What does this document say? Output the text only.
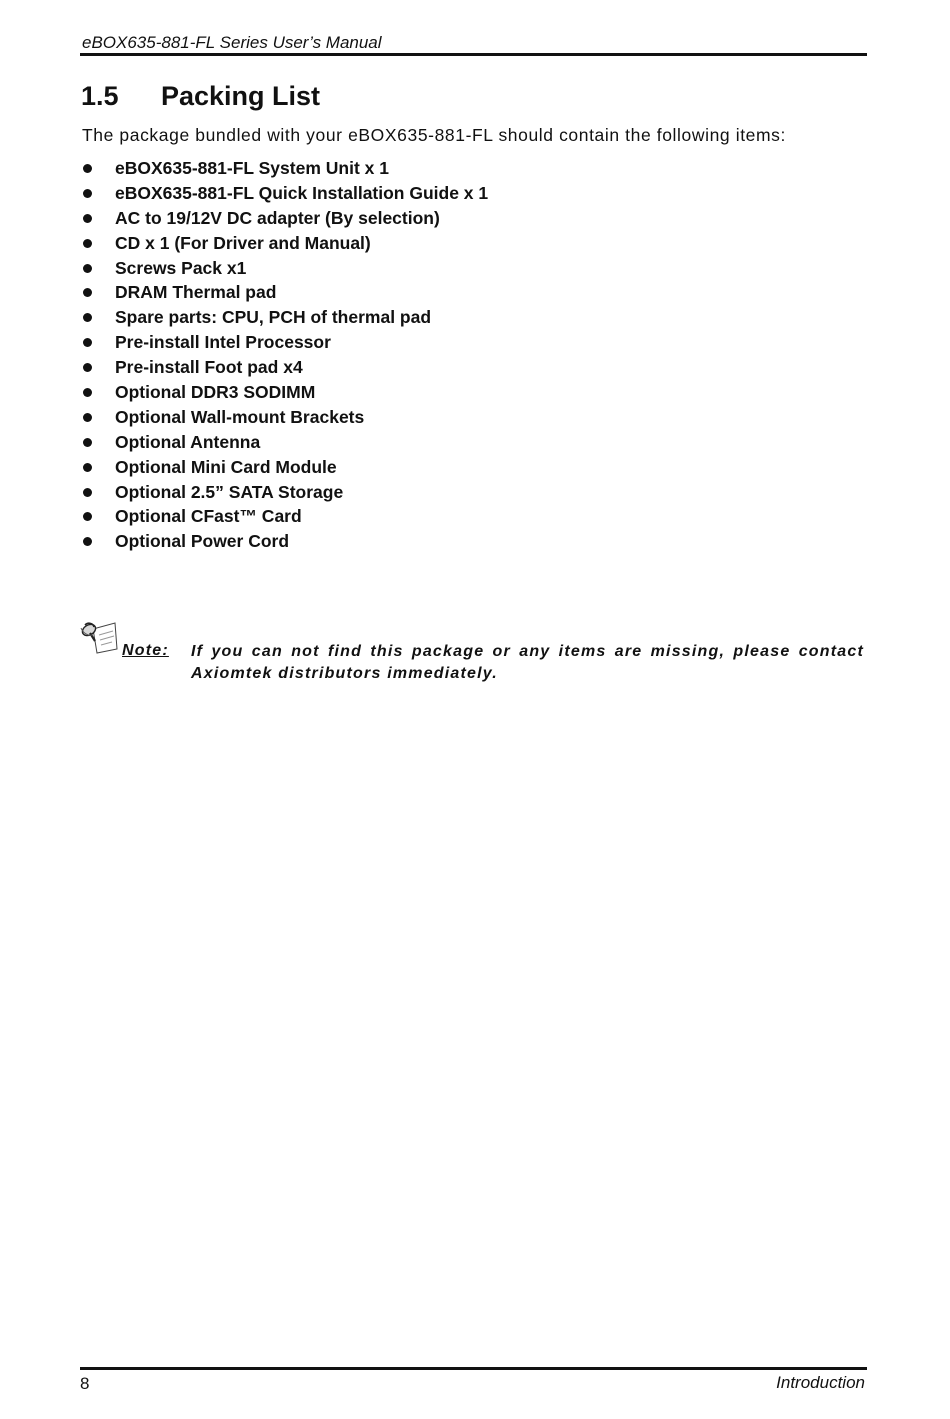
eBOX635-881-FL Series User’s Manual
1.5 Packing List
The package bundled with your eBOX635-881-FL should contain the following items:
eBOX635-881-FL System Unit x 1
eBOX635-881-FL Quick Installation Guide x 1
AC to 19/12V DC adapter (By selection)
CD x 1 (For Driver and Manual)
Screws Pack x1
DRAM Thermal pad
Spare parts: CPU, PCH of thermal pad
Pre-install Intel Processor
Pre-install Foot pad x4
Optional DDR3 SODIMM
Optional Wall-mount Brackets
Optional Antenna
Optional Mini Card Module
Optional 2.5” SATA Storage
Optional CFast™ Card
Optional Power Cord
Note: If you can not find this package or any items are missing, please contact Axiomtek distributors immediately.
8	Introduction
